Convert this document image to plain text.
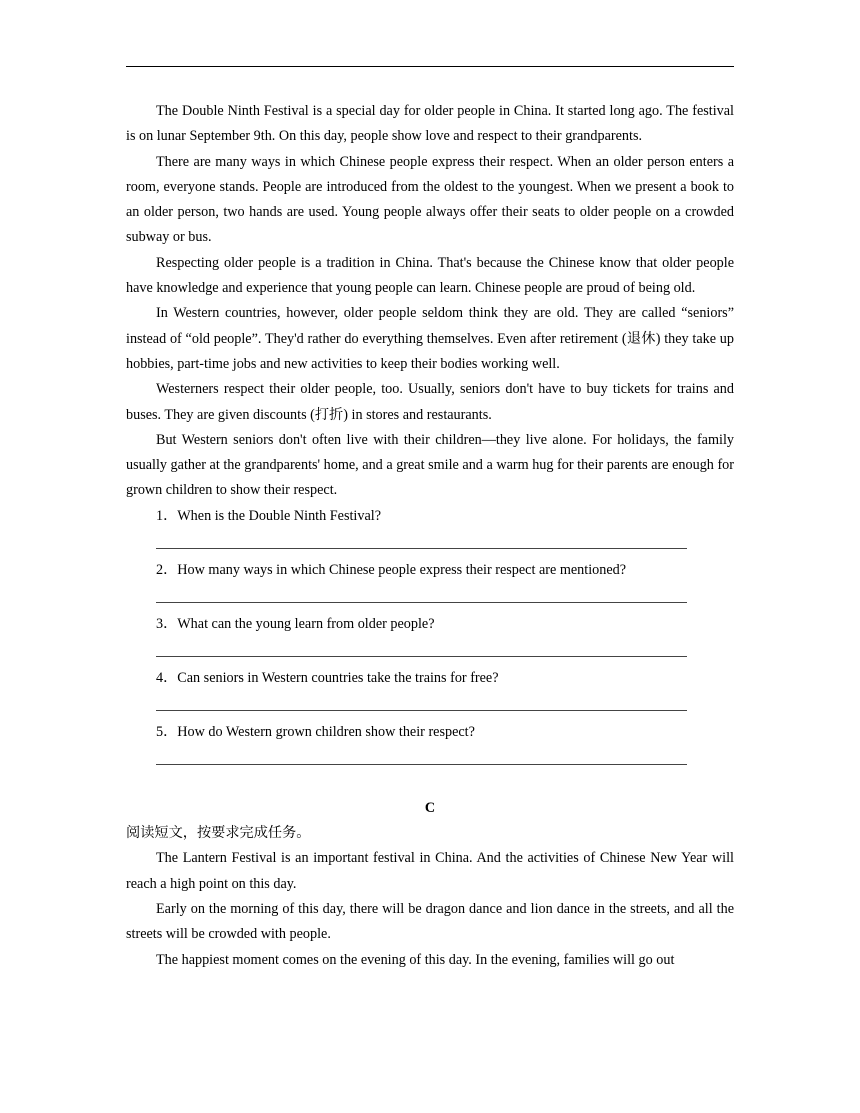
The Double Ninth Festival is a special day for older people in China. It started long ago. The festival is on lunar September 9th. On this day, people show love and respect to their grandparents.

There are many ways in which Chinese people express their respect. When an older person enters a room, everyone stands. People are introduced from the oldest to the youngest. When we present a book to an older person, two hands are used. Young people always offer their seats to older people on a crowded subway or bus.

Respecting older people is a tradition in China. That's because the Chinese know that older people have knowledge and experience that young people can learn. Chinese people are proud of being old.

In Western countries, however, older people seldom think they are old. They are called “seniors” instead of “old people”. They'd rather do everything themselves. Even after retirement (退休) they take up hobbies, part-time jobs and new activities to keep their bodies working well.

Westerners respect their older people, too. Usually, seniors don't have to buy tickets for trains and buses. They are given discounts (打折) in stores and restaurants.

But Western seniors don't often live with their children—they live alone. For holidays, the family usually gather at the grandparents' home, and a great smile and a warm hug for their parents are enough for grown children to show their respect.

1．When is the Double Ninth Festival?

2．How many ways in which Chinese people express their respect are mentioned?

3．What can the young learn from older people?

4．Can seniors in Western countries take the trains for free?

5．How do Western grown children show their respect?

C

阅读短文，按要求完成任务。

The Lantern Festival is an important festival in China. And the activities of Chinese New Year will reach a high point on this day.

Early on the morning of this day, there will be dragon dance and lion dance in the streets, and all the streets will be crowded with people.

The happiest moment comes on the evening of this day. In the evening, families will go out
